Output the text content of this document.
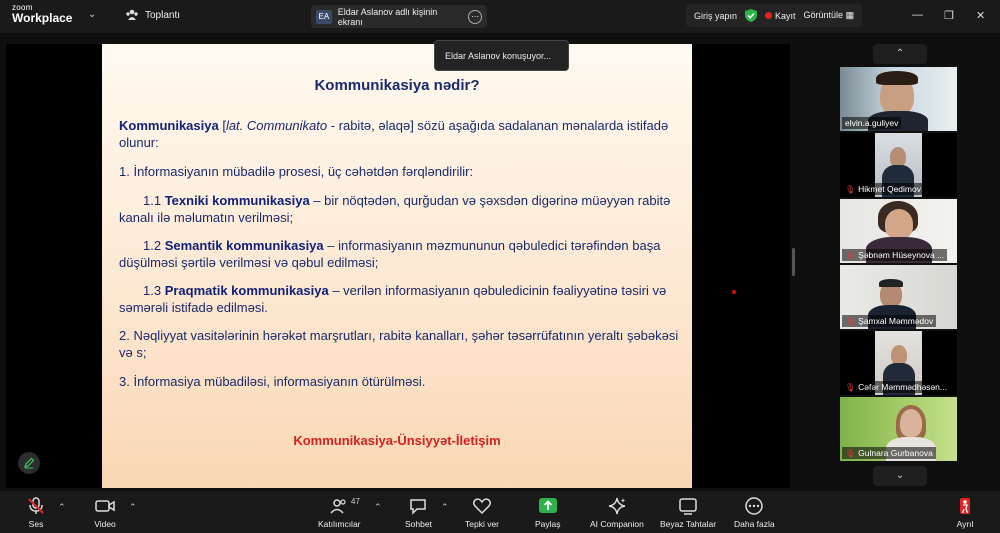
zoom
Workplace ⌄	Toplantı	EA Eldar Aslanov adlı kişinin ekranı
⋯	Giriş yapın	Kayıt Görüntüle ▦	— ❐ ✕
Kommunikasiya nədir?
Kommunikasiya [lat. Communikato - rabitə, əlaqə] sözü aşağıda sadalanan mənalarda istifadə olunur:
1. İnformasiyanın mübadilə prosesi, üç cəhətdən fərqləndirilir:
1.1 Texniki kommunikasiya – bir nöqtədən, qurğudan və şəxsdən digərinə müəyyən rabitə kanalı ilə məlumatın verilməsi;
1.2 Semantik kommunikasiya – informasiyanın məzmununun qəbuledici tərəfindən başa düşülməsi şərtilə verilməsi və qəbul edilməsi;
1.3 Praqmatik kommunikasiya – verilən informasiyanın qəbuledicinin fəaliyyətinə təsiri və səmərəli istifadə edilməsi.
2. Nəqliyyat vasitələrinin hərəkət marşrutları, rabitə kanalları, şəhər təsərrüfatının yeraltı şəbəkəsi və s;
3. İnformasiya mübadiləsi, informasiyanın ötürülməsi.
Kommunikasiya-Ünsiyyət-İletişim
Eldar Aslanov konuşuyor...	⌃
elvin.a.guliyev
🎙 Hikmet Qedimov
🎙 Şəbnəm Hüseynova ...
🎙 Şamxal Məmmədov
🎙 Cəfər Məmmədhəsən...
🎙 Gulnara Gurbanova
⌄
Ses
⌃
Video
⌃
Katılımcılar
47
⌃
Sohbet
⌃
Tepki ver	Paylaş	AI Companion Beyaz Tahtalar Daha fazla	Ayrıl
